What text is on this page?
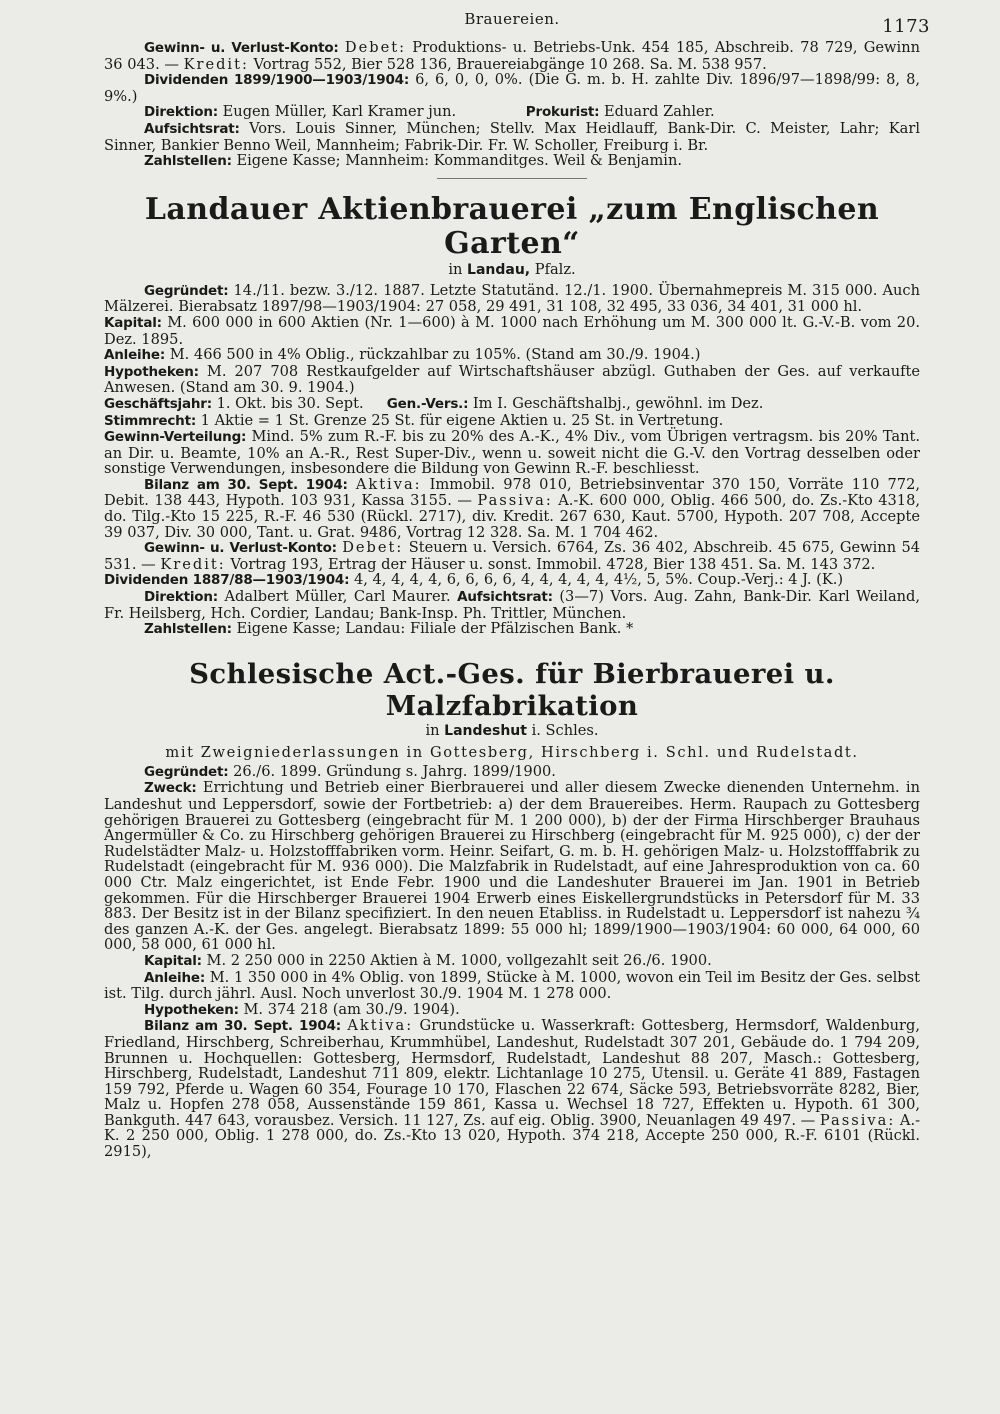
Brauereien.	1173

Gewinn- u. Verlust-Konto: Debet: Produktions- u. Betriebs-Unk. 454 185, Abschreib. 78 729, Gewinn 36 043. — Kredit: Vortrag 552, Bier 528 136, Brauereiabgänge 10 268. Sa. M. 538 957.

Dividenden 1899/1900—1903/1904: 6, 6, 0, 0, 0%. (Die G. m. b. H. zahlte Div. 1896/97—1898/99: 8, 8, 9%.)

Direktion: Eugen Müller, Karl Kramer jun.	Prokurist: Eduard Zahler.

Aufsichtsrat: Vors. Louis Sinner, München; Stellv. Max Heidlauff, Bank-Dir. C. Meister, Lahr; Karl Sinner, Bankier Benno Weil, Mannheim; Fabrik-Dir. Fr. W. Scholler, Freiburg i. Br.

Zahlstellen: Eigene Kasse; Mannheim: Kommanditges. Weil & Benjamin.

Landauer Aktienbrauerei „zum Englischen Garten“
in Landau, Pfalz.

Gegründet: 14./11. bezw. 3./12. 1887. Letzte Statutänd. 12./1. 1900. Übernahmepreis M. 315 000. Auch Mälzerei. Bierabsatz 1897/98—1903/1904: 27 058, 29 491, 31 108, 32 495, 33 036, 34 401, 31 000 hl.

Kapital: M. 600 000 in 600 Aktien (Nr. 1—600) à M. 1000 nach Erhöhung um M. 300 000 lt. G.-V.-B. vom 20. Dez. 1895.

Anleihe: M. 466 500 in 4% Oblig., rückzahlbar zu 105%. (Stand am 30./9. 1904.)

Hypotheken: M. 207 708 Restkaufgelder auf Wirtschaftshäuser abzügl. Guthaben der Ges. auf verkaufte Anwesen. (Stand am 30. 9. 1904.)

Geschäftsjahr: 1. Okt. bis 30. Sept. Gen.-Vers.: Im I. Geschäftshalbj., gewöhnl. im Dez.

Stimmrecht: 1 Aktie = 1 St. Grenze 25 St. für eigene Aktien u. 25 St. in Vertretung.

Gewinn-Verteilung: Mind. 5% zum R.-F. bis zu 20% des A.-K., 4% Div., vom Übrigen vertragsm. bis 20% Tant. an Dir. u. Beamte, 10% an A.-R., Rest Super-Div., wenn u. soweit nicht die G.-V. den Vortrag desselben oder sonstige Verwendungen, insbesondere die Bildung von Gewinn R.-F. beschliesst.

Bilanz am 30. Sept. 1904: Aktiva: Immobil. 978 010, Betriebsinventar 370 150, Vorräte 110 772, Debit. 138 443, Hypoth. 103 931, Kassa 3155. — Passiva: A.-K. 600 000, Oblig. 466 500, do. Zs.-Kto 4318, do. Tilg.-Kto 15 225, R.-F. 46 530 (Rückl. 2717), div. Kredit. 267 630, Kaut. 5700, Hypoth. 207 708, Accepte 39 037, Div. 30 000, Tant. u. Grat. 9486, Vortrag 12 328. Sa. M. 1 704 462.

Gewinn- u. Verlust-Konto: Debet: Steuern u. Versich. 6764, Zs. 36 402, Abschreib. 45 675, Gewinn 54 531. — Kredit: Vortrag 193, Ertrag der Häuser u. sonst. Immobil. 4728, Bier 138 451. Sa. M. 143 372.

Dividenden 1887/88—1903/1904: 4, 4, 4, 4, 4, 6, 6, 6, 6, 4, 4, 4, 4, 4, 4½, 5, 5%. Coup.-Verj.: 4 J. (K.)

Direktion: Adalbert Müller, Carl Maurer. Aufsichtsrat: (3—7) Vors. Aug. Zahn, Bank-Dir. Karl Weiland, Fr. Heilsberg, Hch. Cordier, Landau; Bank-Insp. Ph. Trittler, München.

Zahlstellen: Eigene Kasse; Landau: Filiale der Pfälzischen Bank. *

Schlesische Act.-Ges. für Bierbrauerei u. Malzfabrikation
in Landeshut i. Schles.
mit Zweigniederlassungen in Gottesberg, Hirschberg i. Schl. und Rudelstadt.

Gegründet: 26./6. 1899. Gründung s. Jahrg. 1899/1900.

Zweck: Errichtung und Betrieb einer Bierbrauerei und aller diesem Zwecke dienenden Unternehm. in Landeshut und Leppersdorf, sowie der Fortbetrieb: a) der dem Brauereibes. Herm. Raupach zu Gottesberg gehörigen Brauerei zu Gottesberg (eingebracht für M. 1 200 000), b) der der Firma Hirschberger Brauhaus Angermüller & Co. zu Hirschberg gehörigen Brauerei zu Hirschberg (eingebracht für M. 925 000), c) der der Rudelstädter Malz- u. Holzstofffabriken vorm. Heinr. Seifart, G. m. b. H. gehörigen Malz- u. Holzstofffabrik zu Rudelstadt (eingebracht für M. 936 000). Die Malzfabrik in Rudelstadt, auf eine Jahresproduktion von ca. 60 000 Ctr. Malz eingerichtet, ist Ende Febr. 1900 und die Landeshuter Brauerei im Jan. 1901 in Betrieb gekommen. Für die Hirschberger Brauerei 1904 Erwerb eines Eiskellergrundstücks in Petersdorf für M. 33 883. Der Besitz ist in der Bilanz specifiziert. In den neuen Etabliss. in Rudelstadt u. Leppersdorf ist nahezu ¾ des ganzen A.-K. der Ges. angelegt. Bierabsatz 1899: 55 000 hl; 1899/1900—1903/1904: 60 000, 64 000, 60 000, 58 000, 61 000 hl.

Kapital: M. 2 250 000 in 2250 Aktien à M. 1000, vollgezahlt seit 26./6. 1900.

Anleihe: M. 1 350 000 in 4% Oblig. von 1899, Stücke à M. 1000, wovon ein Teil im Besitz der Ges. selbst ist. Tilg. durch jährl. Ausl. Noch unverlost 30./9. 1904 M. 1 278 000.

Hypotheken: M. 374 218 (am 30./9. 1904).

Bilanz am 30. Sept. 1904: Aktiva: Grundstücke u. Wasserkraft: Gottesberg, Hermsdorf, Waldenburg, Friedland, Hirschberg, Schreiberhau, Krummhübel, Landeshut, Rudelstadt 307 201, Gebäude do. 1 794 209, Brunnen u. Hochquellen: Gottesberg, Hermsdorf, Rudelstadt, Landeshut 88 207, Masch.: Gottesberg, Hirschberg, Rudelstadt, Landeshut 711 809, elektr. Lichtanlage 10 275, Utensil. u. Geräte 41 889, Fastagen 159 792, Pferde u. Wagen 60 354, Fourage 10 170, Flaschen 22 674, Säcke 593, Betriebsvorräte 8282, Bier, Malz u. Hopfen 278 058, Aussenstände 159 861, Kassa u. Wechsel 18 727, Effekten u. Hypoth. 61 300, Bankguth. 447 643, vorausbez. Versich. 11 127, Zs. auf eig. Oblig. 3900, Neuanlagen 49 497. — Passiva: A.-K. 2 250 000, Oblig. 1 278 000, do. Zs.-Kto 13 020, Hypoth. 374 218, Accepte 250 000, R.-F. 6101 (Rückl. 2915),
